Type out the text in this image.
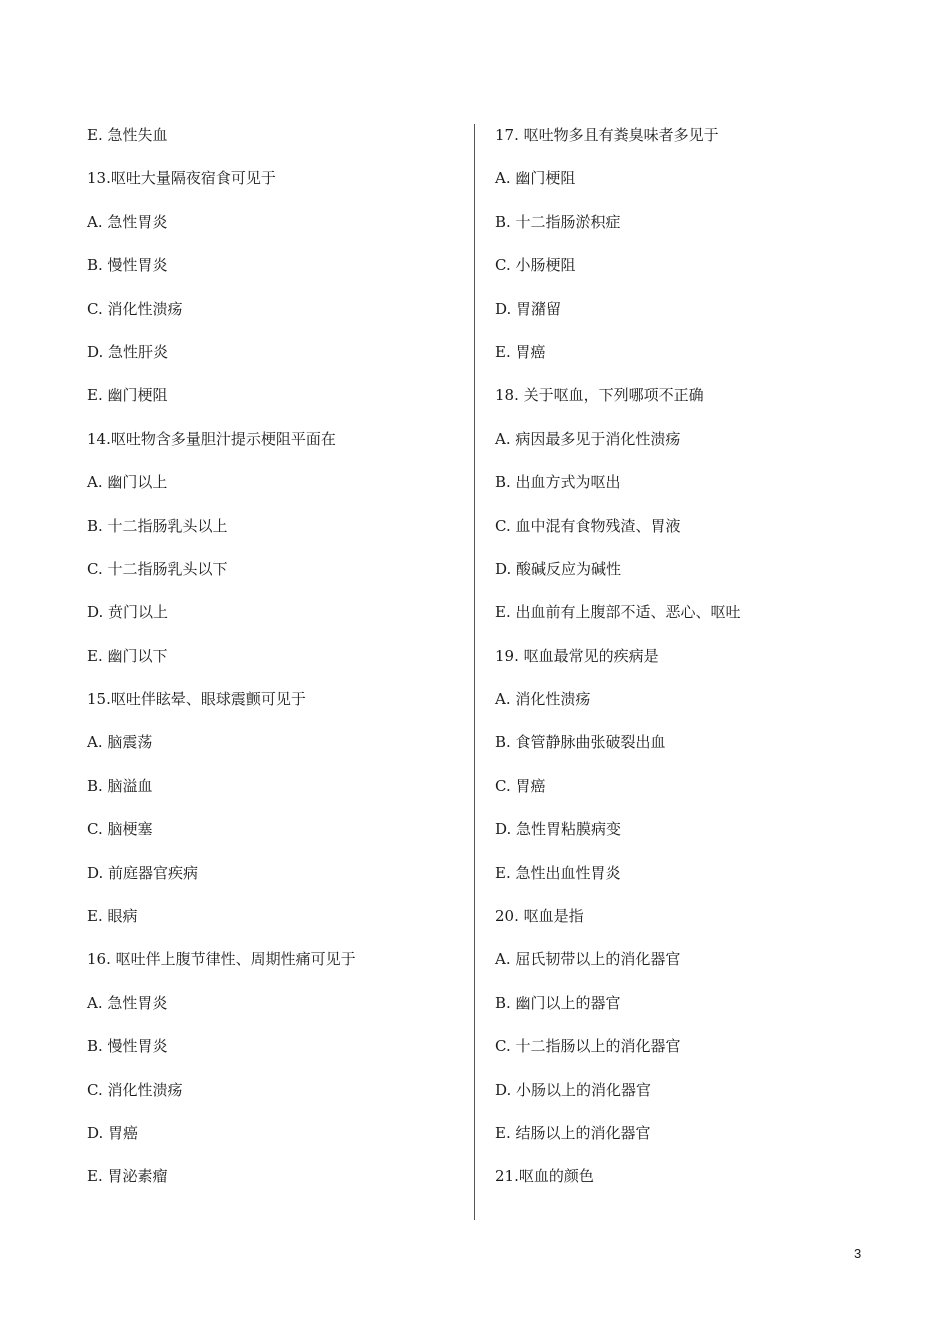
E. 急性失血
13.呕吐大量隔夜宿食可见于
A. 急性胃炎
B. 慢性胃炎
C. 消化性溃疡
D. 急性肝炎
E. 幽门梗阻
14.呕吐物含多量胆汁提示梗阻平面在
A. 幽门以上
B. 十二指肠乳头以上
C. 十二指肠乳头以下
D. 贲门以上
E. 幽门以下
15.呕吐伴眩晕、眼球震颤可见于
A. 脑震荡
B. 脑溢血
C. 脑梗塞
D. 前庭器官疾病
E. 眼病
16. 呕吐伴上腹节律性、周期性痛可见于
A. 急性胃炎
B. 慢性胃炎
C. 消化性溃疡
D. 胃癌
E. 胃泌素瘤
17. 呕吐物多且有粪臭味者多见于
A. 幽门梗阻
B. 十二指肠淤积症
C. 小肠梗阻
D. 胃潴留
E. 胃癌
18. 关于呕血，下列哪项不正确
A. 病因最多见于消化性溃疡
B. 出血方式为呕出
C. 血中混有食物残渣、胃液
D. 酸碱反应为碱性
E. 出血前有上腹部不适、恶心、呕吐
19. 呕血最常见的疾病是
A. 消化性溃疡
B. 食管静脉曲张破裂出血
C. 胃癌
D. 急性胃粘膜病变
E. 急性出血性胃炎
20. 呕血是指
A. 屈氏韧带以上的消化器官
B. 幽门以上的器官
C. 十二指肠以上的消化器官
D. 小肠以上的消化器官
E. 结肠以上的消化器官
21.呕血的颜色
3
